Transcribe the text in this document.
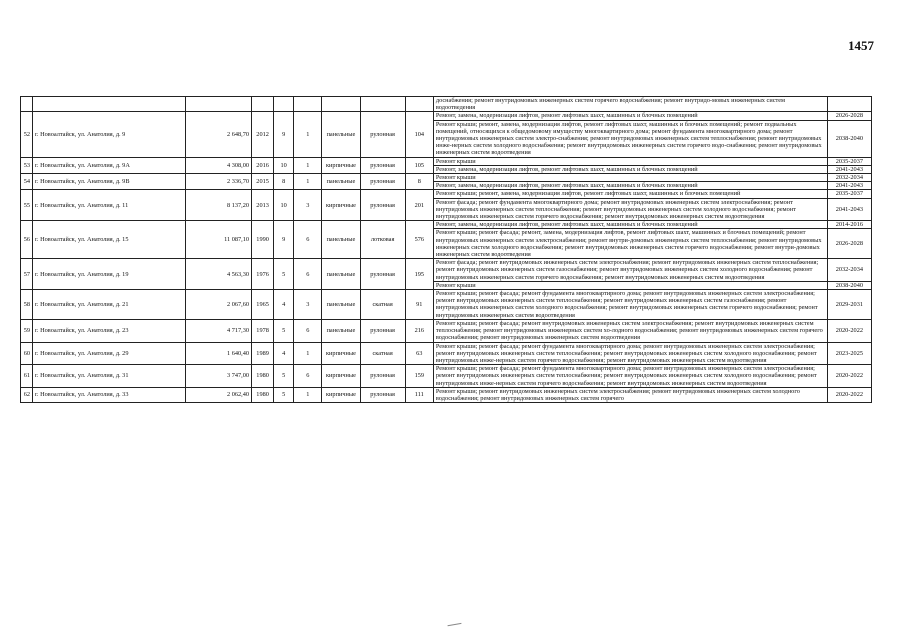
1457
									доснабжения; ремонт внутридомовых инженерных систем горячего водоснабжения; ремонт внутридо-мовых инженерных систем водоотведения	
52	г. Новоалтайск, ул. Анатолия, д. 9	2 648,70	2012	9	1	панельные	рулонная	104	Ремонт, замена, модернизация лифтов, ремонт лифтовых шахт, машинных и блочных помещений	2026-2028
									Ремонт крыши; ремонт, замена, модернизация лифтов, ремонт лифтовых шахт, машинных и блочных помещений; ремонт подвальных помещений, относящихся к общедомовому имуществу многоквартирного дома; ремонт фундамента многоквартирного дома; ремонт внутридомовых инженерных систем электро-снабжения; ремонт внутридомовых инженерных систем теплоснабжения; ремонт внутридомовых инже-нерных систем холодного водоснабжения; ремонт внутридомовых инженерных систем горячего водо-снабжения; ремонт внутридомовых инженерных систем водоотведения	2038-2040
53	г. Новоалтайск, ул. Анатолия, д. 9А	4 308,00	2016	10	1	кирпичные	рулонная	105	Ремонт крыши	2035-2037
									Ремонт, замена, модернизация лифтов, ремонт лифтовых шахт, машинных и блочных помещений	2041-2043
54	г. Новоалтайск, ул. Анатолия, д. 9В	2 336,70	2015	8	1	панельные	рулонная	8	Ремонт крыши	2032-2034
									Ремонт, замена, модернизация лифтов, ремонт лифтовых шахт, машинных и блочных помещений	2041-2043
55	г. Новоалтайск, ул. Анатолия, д. 11	8 137,20	2013	10	3	кирпичные	рулонная	201	Ремонт крыши; ремонт, замена, модернизация лифтов, ремонт лифтовых шахт, машинных и блочных помещений	2035-2037
									Ремонт фасада; ремонт фундамента многоквартирного дома; ремонт внутридомовых инженерных систем электроснабжения; ремонт внутридомовых инженерных систем теплоснабжения; ремонт внутридомовых инженерных систем холодного водоснабжения; ремонт внутридомовых инженерных систем горячего водоснабжения; ремонт внутридомовых инженерных систем водоотведения	2041-2043
56	г. Новоалтайск, ул. Анатолия, д. 15	11 087,10	1990	9	6	панельные	лотковая	576	Ремонт, замена, модернизация лифтов, ремонт лифтовых шахт, машинных и блочных помещений	2014-2016
									Ремонт крыши; ремонт фасада; ремонт, замена, модернизация лифтов, ремонт лифтовых шахт, машинных и блочных помещений; ремонт внутридомовых инженерных систем электроснабжения; ремонт внутри-домовых инженерных систем теплоснабжения; ремонт внутридомовых инженерных систем холодного водоснабжения; ремонт внутридомовых инженерных систем горячего водоснабжения; ремонт внутри-домовых инженерных систем водоотведения	2026-2028
57	г. Новоалтайск, ул. Анатолия, д. 19	4 563,30	1976	5	6	панельные	рулонная	195	Ремонт фасада; ремонт внутридомовых инженерных систем электроснабжения; ремонт внутридомовых инженерных систем теплоснабжения; ремонт внутридомовых инженерных систем газоснабжения; ремонт внутридомовых инженерных систем холодного водоснабжения; ремонт внутридомовых инженерных систем горячего водоснабжения; ремонт внутридомовых инженерных систем водоотведения	2032-2034
									Ремонт крыши	2038-2040
58	г. Новоалтайск, ул. Анатолия, д. 21	2 067,60	1965	4	3	панельные	скатная	91	Ремонт крыши; ремонт фасада; ремонт фундамента многоквартирного дома; ремонт внутридомовых инженерных систем электроснабжения; ремонт внутридомовых инженерных систем теплоснабжения; ремонт внутридомовых инженерных систем газоснабжения; ремонт внутридомовых инженерных систем холодного водоснабжения; ремонт внутридомовых инженерных систем горячего водоснабжения; ремонт внутридомовых инженерных систем водоотведения	2029-2031
59	г. Новоалтайск, ул. Анатолия, д. 23	4 717,30	1978	5	6	панельные	рулонная	216	Ремонт крыши; ремонт фасада; ремонт внутридомовых инженерных систем электроснабжения; ремонт внутридомовых инженерных систем теплоснабжения; ремонт внутридомовых инженерных систем хо-лодного водоснабжения; ремонт внутридомовых инженерных систем горячего водоснабжения; ремонт внутридомовых инженерных систем водоотведения	2020-2022
60	г. Новоалтайск, ул. Анатолия, д. 29	1 640,40	1989	4	1	кирпичные	скатная	63	Ремонт крыши; ремонт фасада; ремонт фундамента многоквартирного дома; ремонт внутридомовых инженерных систем электроснабжения; ремонт внутридомовых инженерных систем теплоснабжения; ремонт внутридомовых инженерных систем холодного водоснабжения; ремонт внутридомовых инже-нерных систем горячего водоснабжения; ремонт внутридомовых инженерных систем водоотведения	2023-2025
61	г. Новоалтайск, ул. Анатолия, д. 31	3 747,00	1980	5	6	кирпичные	рулонная	159	Ремонт крыши; ремонт фасада; ремонт фундамента многоквартирного дома; ремонт внутридомовых инженерных систем электроснабжения; ремонт внутридомовых инженерных систем теплоснабжения; ремонт внутридомовых инженерных систем холодного водоснабжения; ремонт внутридомовых инже-нерных систем горячего водоснабжения; ремонт внутридомовых инженерных систем водоотведения	2020-2022
62	г. Новоалтайск, ул. Анатолия, д. 33	2 062,40	1980	5	1	кирпичные	рулонная	111	Ремонт крыши; ремонт внутридомовых инженерных систем электроснабжения; ремонт внутридомовых инженерных систем холодного водоснабжения; ремонт внутридомовых инженерных систем горячего	2020-2022
